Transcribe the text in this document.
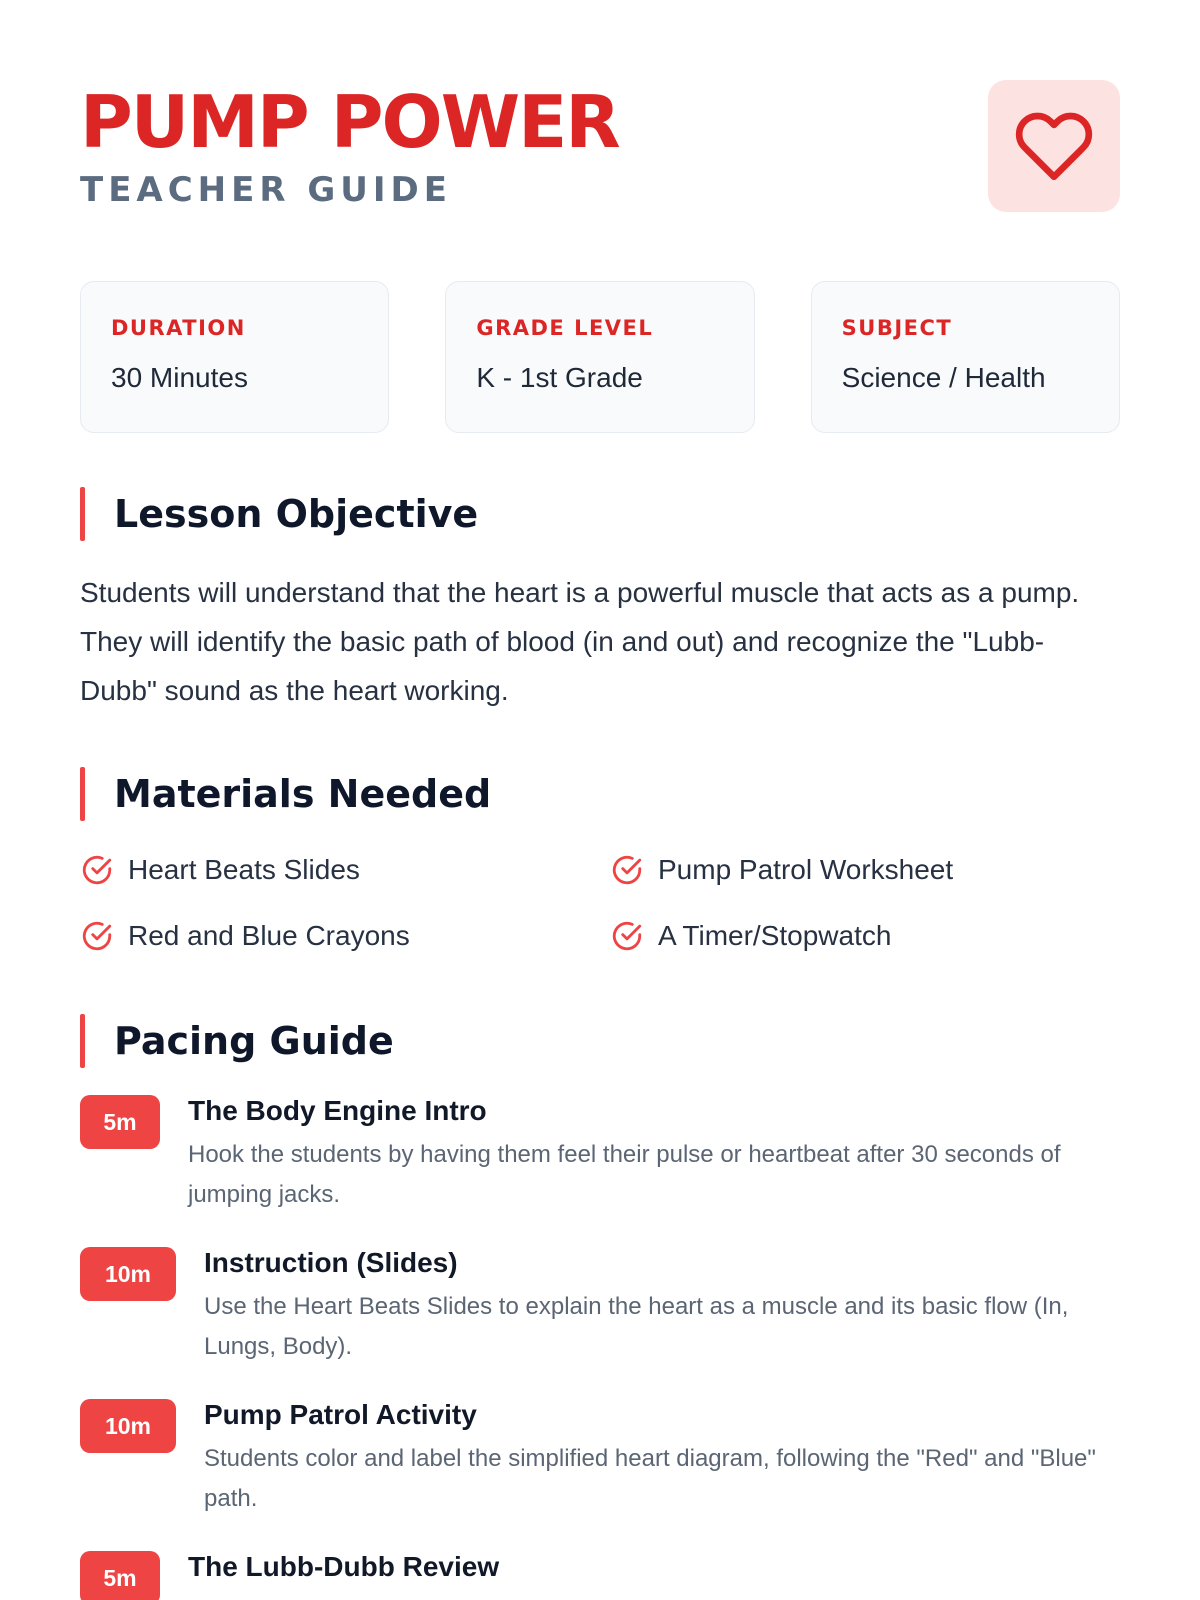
PUMP POWER
TEACHER GUIDE
DURATION
30 Minutes
GRADE LEVEL
K - 1st Grade
SUBJECT
Science / Health
Lesson Objective

Students will understand that the heart is a powerful muscle that acts as a pump. They will identify the basic path of blood (in and out) and recognize the "Lubb-Dubb" sound as the heart working.

Materials Needed
Heart Beats Slides	Pump Patrol Worksheet
Red and Blue Crayons	A Timer/Stopwatch
Pacing Guide
5m	The Body Engine Intro
Hook the students by having them feel their pulse or heartbeat after 30 seconds of jumping jacks.
10m	Instruction (Slides)
Use the Heart Beats Slides to explain the heart as a muscle and its basic flow (In, Lungs, Body).
10m	Pump Patrol Activity
Students color and label the simplified heart diagram, following the "Red" and "Blue" path.
5m	The Lubb-Dubb Review
